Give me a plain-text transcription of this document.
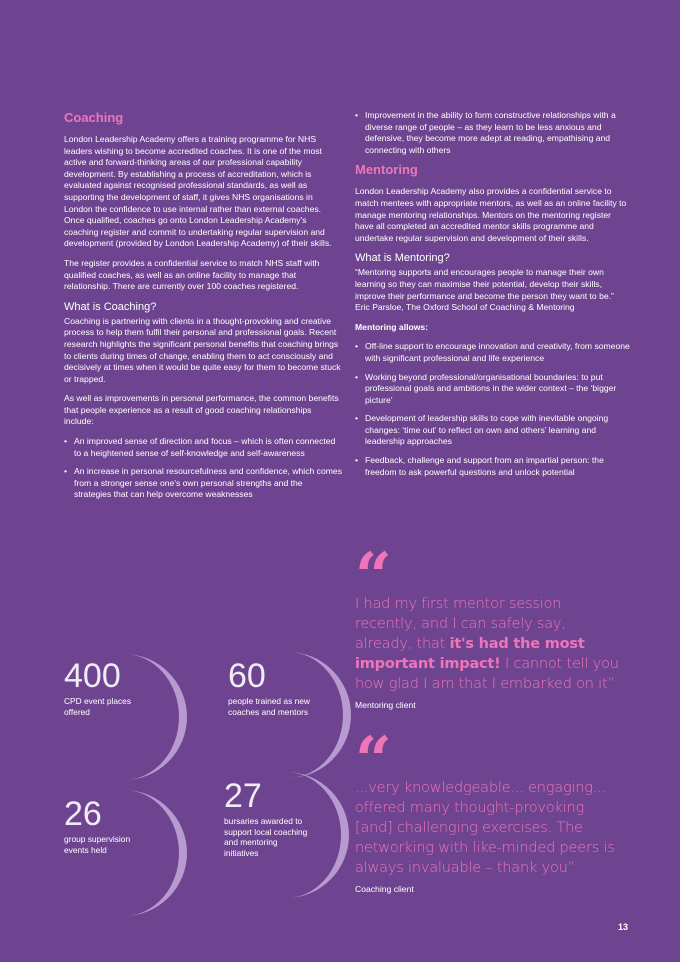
Coaching

London Leadership Academy offers a training programme for NHS leaders wishing to become accredited coaches. It is one of the most active and forward-thinking areas of our professional capability development. By establishing a process of accreditation, which is evaluated against recognised professional standards, as well as supporting the development of staff, it gives NHS organisations in London the confidence to use internal rather than external coaches. Once qualified, coaches go onto London Leadership Academy's coaching register and commit to undertaking regular supervision and development (provided by London Leadership Academy) of their skills.

The register provides a confidential service to match NHS staff with qualified coaches, as well as an online facility to manage that relationship. There are currently over 100 coaches registered.

What is Coaching?

Coaching is partnering with clients in a thought-provoking and creative process to help them fulfil their personal and professional goals. Recent research highlights the significant personal benefits that coaching brings to clients during times of change, enabling them to act consciously and decisively at times when it would be quite easy for them to become stuck or trapped.

As well as improvements in personal performance, the common benefits that people experience as a result of good coaching relationships include:

• An improved sense of direction and focus – which is often connected to a heightened sense of self-knowledge and self-awareness
• An increase in personal resourcefulness and confidence, which comes from a stronger sense one's own personal strengths and the strategies that can help overcome weaknesses
• Improvement in the ability to form constructive relationships with a diverse range of people – as they learn to be less anxious and defensive, they become more adept at reading, empathising and connecting with others
Mentoring

London Leadership Academy also provides a confidential service to match mentees with appropriate mentors, as well as an online facility to manage mentoring relationships. Mentors on the mentoring register have all completed an accredited mentor skills programme and undertake regular supervision and development of their skills.

What is Mentoring?

“Mentoring supports and encourages people to manage their own learning so they can maximise their potential, develop their skills, improve their performance and become the person they want to be.” Eric Parsloe, The Oxford School of Coaching & Mentoring

Mentoring allows:

• Off-line support to encourage innovation and creativity, from someone with significant professional and life experience
• Working beyond professional/organisational boundaries: to put professional goals and ambitions in the wider context – the ‘bigger picture’
• Development of leadership skills to cope with inevitable ongoing changes: ‘time out’ to reflect on own and others’ learning and leadership approaches
• Feedback, challenge and support from an impartial person: the freedom to ask powerful questions and unlock potential
400
CPD event places offered
60
people trained as new coaches and mentors
26
group supervision events held
27
bursaries awarded to support local coaching and mentoring initiatives
“
I had my first mentor session recently, and I can safely say, already, that it's had the most important impact! I cannot tell you how glad I am that I embarked on it”
Mentoring client
“
...very knowledgeable... engaging... offered many thought-provoking [and] challenging exercises. The networking with like-minded peers is always invaluable – thank you”
Coaching client
13
